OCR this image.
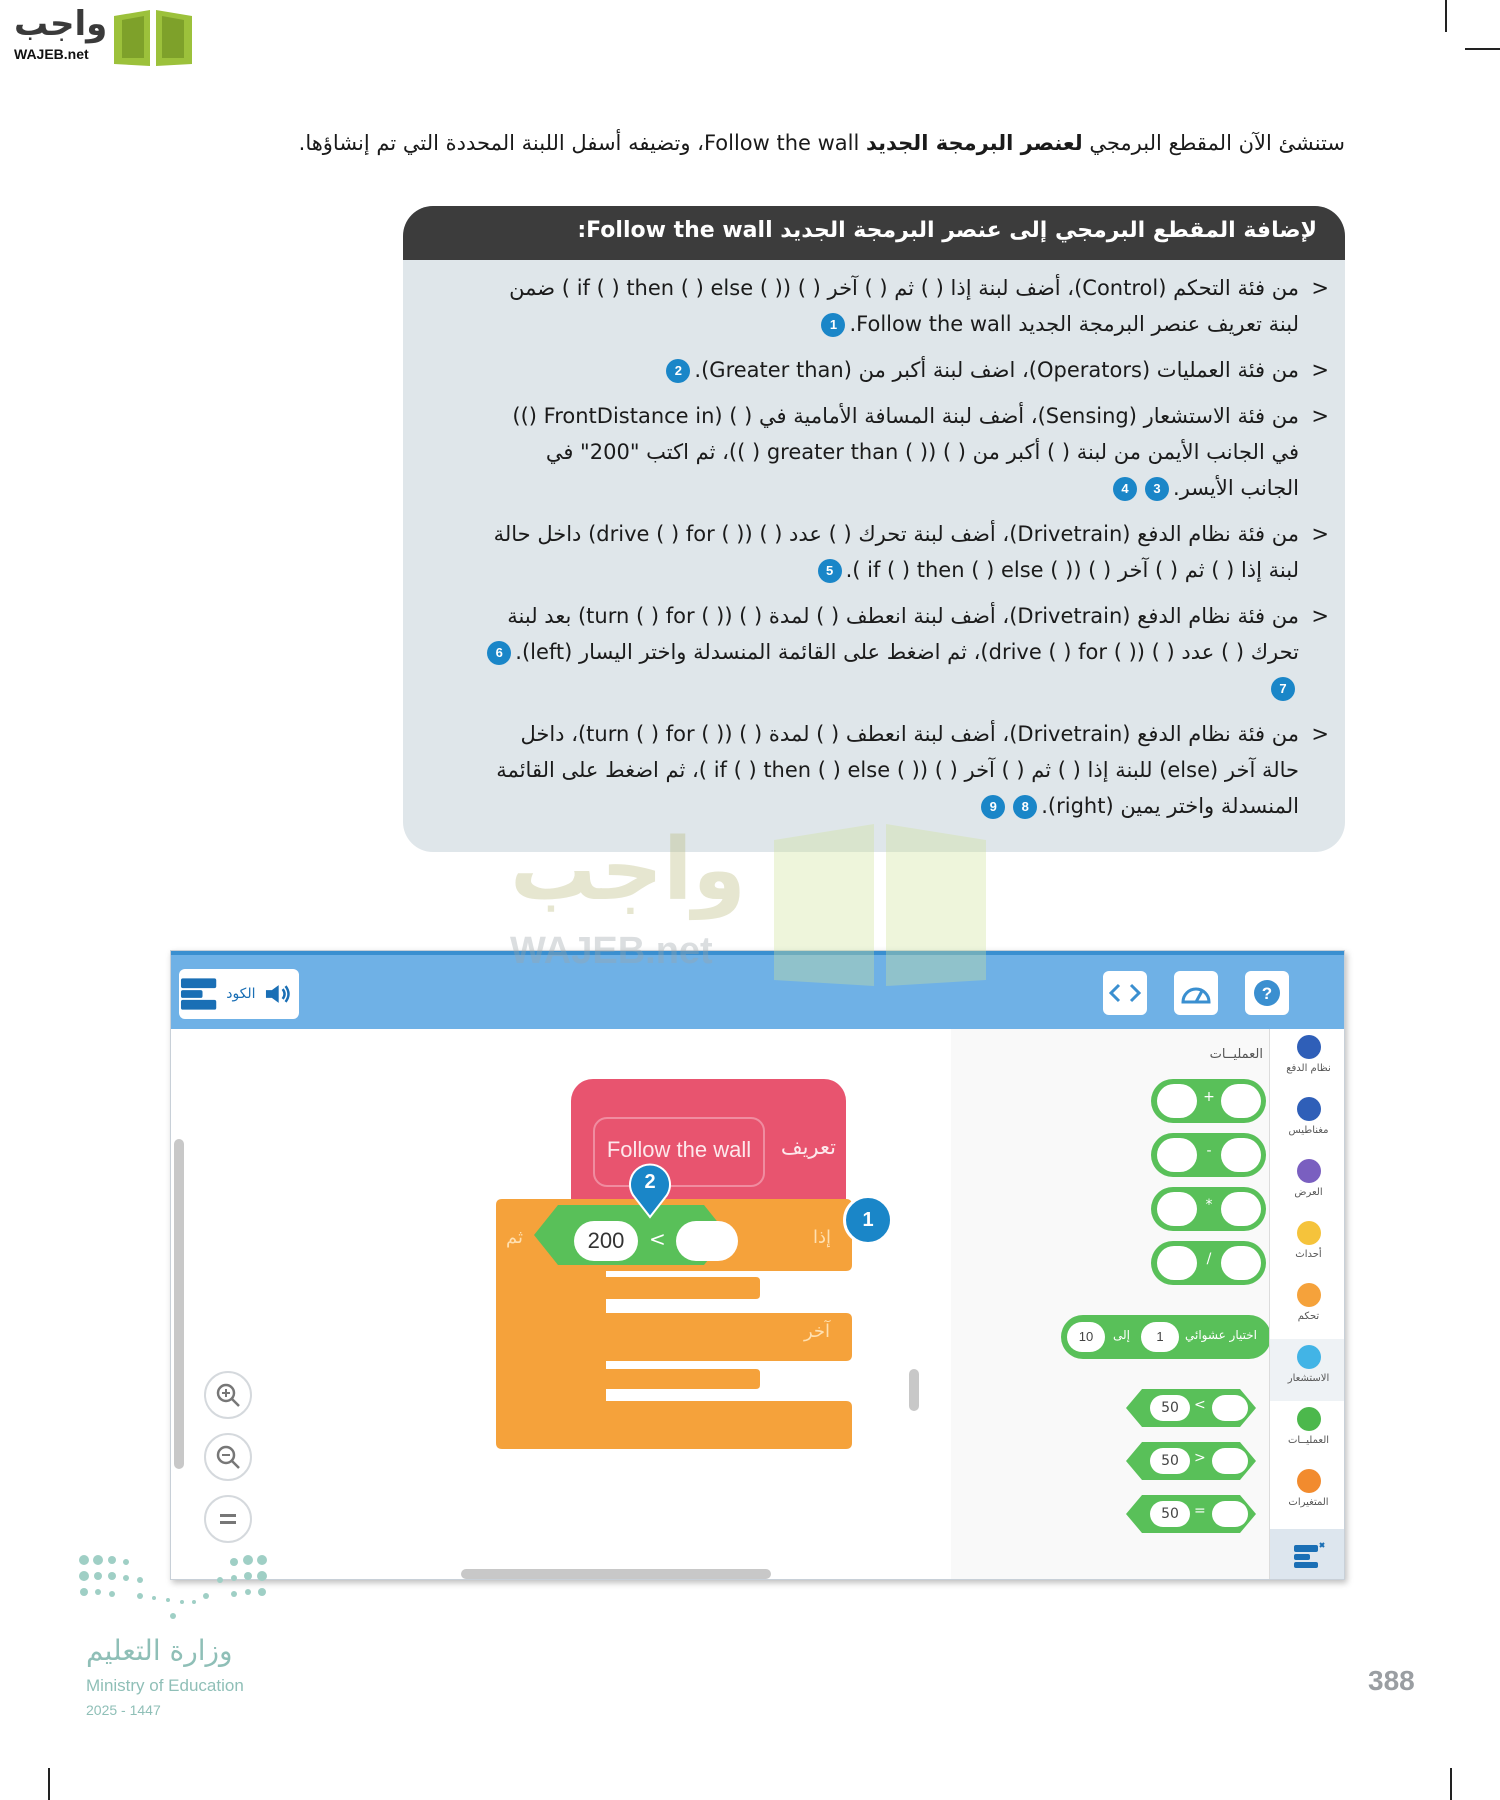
واجب
WAJEB.net

ستنشئ الآن المقطع البرمجي لعنصر البرمجة الجديد Follow the wall، وتضيفه أسفل اللبنة المحددة التي تم إنشاؤها.

لإضافة المقطع البرمجي إلى عنصر البرمجة الجديد Follow the wall:
< من فئة التحكم (Control)، أضف لبنة إذا ( ) ثم ( ) آخر ( ) (( ) if ( ) then ( ) else ) ضمن لبنة تعريف عنصر البرمجة الجديد Follow the wall.1
< من فئة العمليات (Operators)، اضف لبنة أكبر من (Greater than).2
< من فئة الاستشعار (Sensing)، أضف لبنة المسافة الأمامية في ( ) (FrontDistance in ()) في الجانب الأيمن من لبنة ( ) أكبر من ( ) (( ) greater than ( ))، ثم اكتب "200" في الجانب الأيسر.34
< من فئة نظام الدفع (Drivetrain)، أضف لبنة تحرك ( ) عدد ( ) (( ) drive ( ) for) داخل حالة لبنة إذا ( ) ثم ( ) آخر ( ) (( ) if ( ) then ( ) else ).5
< من فئة نظام الدفع (Drivetrain)، أضف لبنة انعطف ( ) لمدة ( ) (( ) turn ( ) for) بعد لبنة تحرك ( ) عدد ( ) (( ) drive ( ) for)، ثم اضغط على القائمة المنسدلة واختر اليسار (left).67
< من فئة نظام الدفع (Drivetrain)، أضف لبنة انعطف ( ) لمدة ( ) (( ) turn ( ) for)، داخل حالة آخر (else) للبنة إذا ( ) ثم ( ) آخر ( ) (( ) if ( ) then ( ) else )، ثم اضغط على القائمة المنسدلة واختر يمين (right).89
الكود	?
Follow the wall	تعريف
200	<	إذا
ثم
آخر
1
2
العمليــات
+
-
*
/
10	إلى	1	اختيار عشوائي
50	<
50	>
50	=
نظام الدفع
مغناطيس
العرض
أحداث
تحكم
الاستشعار
العمليــات
المتغيرات
واجب
WAJEB.net
وزارة التعليم
Ministry of Education
2025 - 1447
388
